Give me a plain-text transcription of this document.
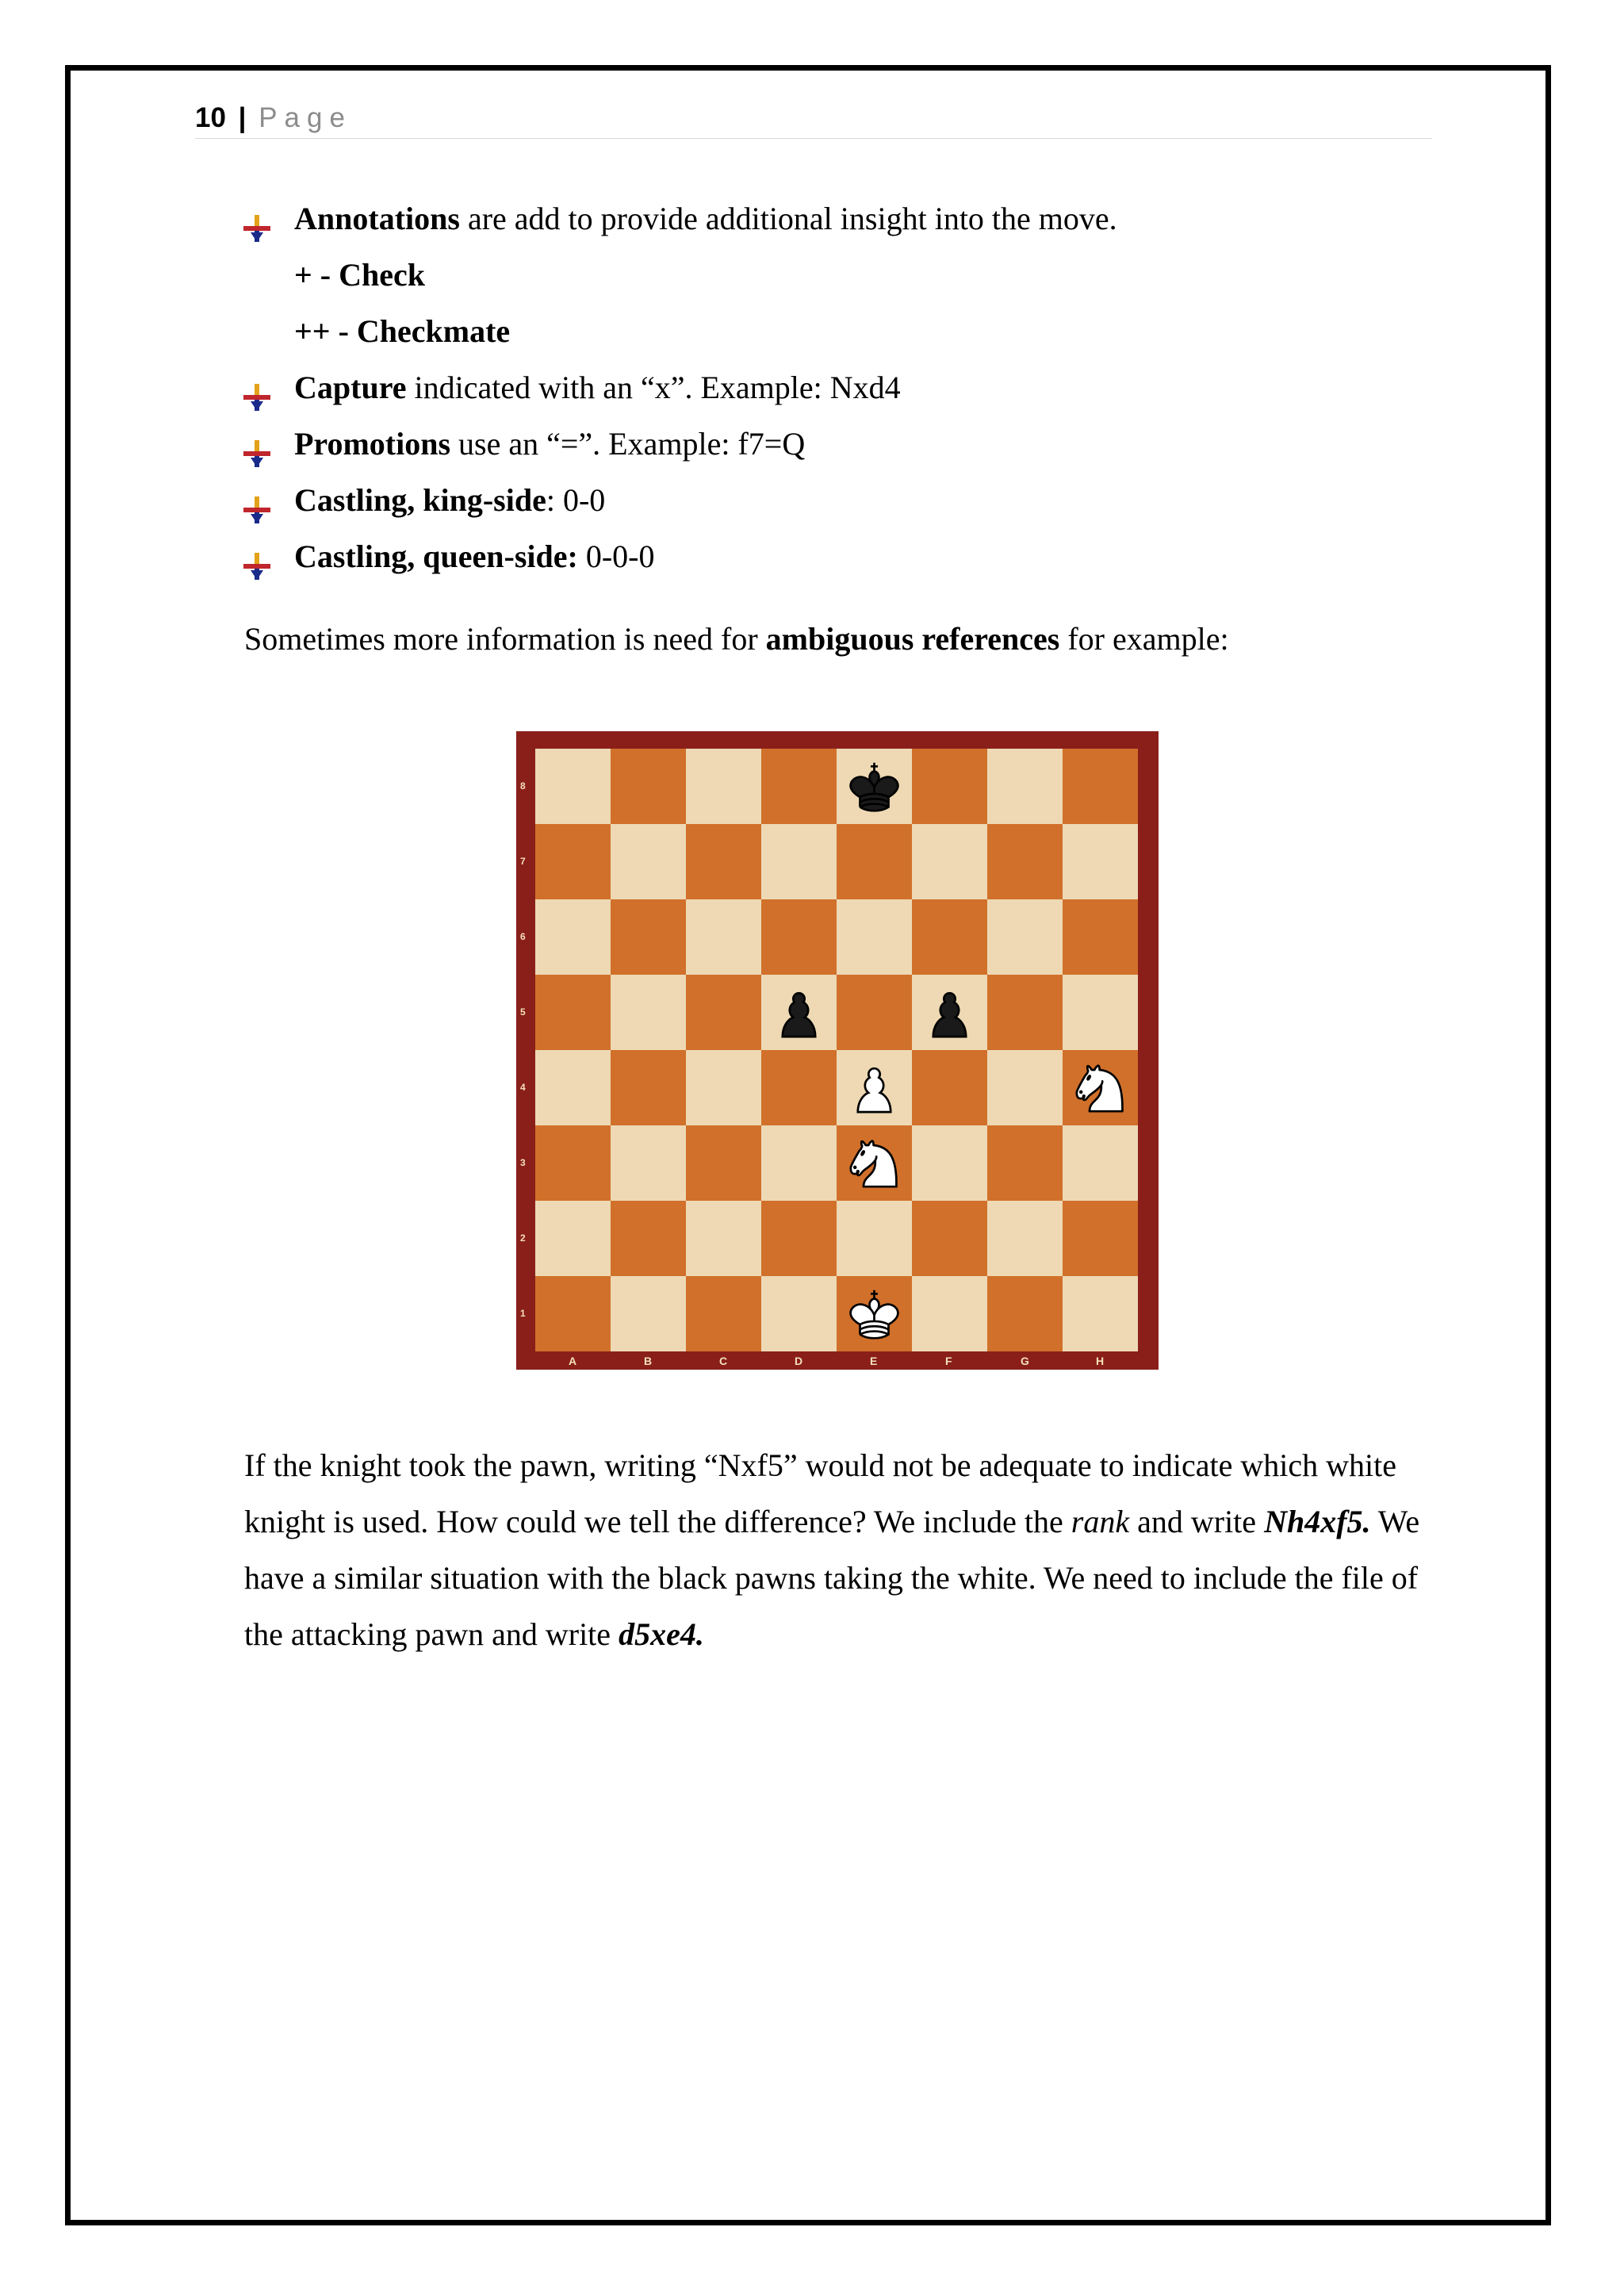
10 | Page
Annotations are add to provide additional insight into the move.
+ - Check
++ - Checkmate
Capture indicated with an “x”. Example: Nxd4
Promotions use an “=”. Example: f7=Q
Castling, king-side: 0-0
Castling, queen-side: 0-0-0
Sometimes more information is need for ambiguous references for example:
8
7
6
5
4
3
2
1
A	B	C	D	E	F	G	H
If the knight took the pawn, writing “Nxf5” would not be adequate to indicate which white knight is used. How could we tell the difference? We include the rank and write Nh4xf5. We have a similar situation with the black pawns taking the white. We need to include the file of the attacking pawn and write d5xe4.
